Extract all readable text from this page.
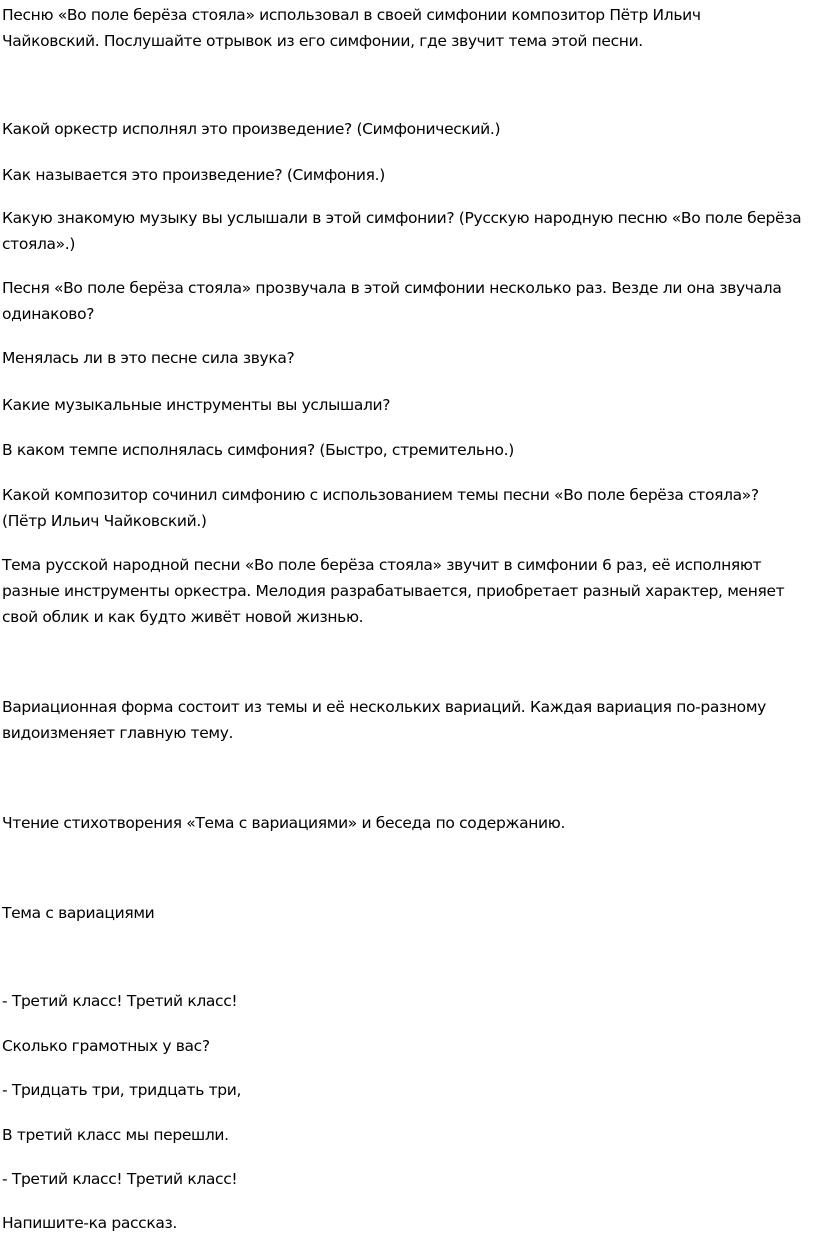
Песню «Во поле берёза стояла» использовал в своей симфонии композитор Пётр Ильич Чайковский. Послушайте отрывок из его симфонии, где звучит тема этой песни.

Какой оркестр исполнял это произведение? (Симфонический.)

Как называется это произведение? (Симфония.)

Какую знакомую музыку вы услышали в этой симфонии? (Русскую народную песню «Во поле берёза стояла».)

Песня «Во поле берёза стояла» прозвучала в этой симфонии несколько раз. Везде ли она звучала одинаково?

Менялась ли в это песне сила звука?

Какие музыкальные инструменты вы услышали?

В каком темпе исполнялась симфония? (Быстро, стремительно.)

Какой композитор сочинил симфонию с использованием темы песни «Во поле берёза стояла»? (Пётр Ильич Чайковский.)

Тема русской народной песни «Во поле берёза стояла» звучит в симфонии 6 раз, её исполняют разные инструменты оркестра. Мелодия разрабатывается, приобретает разный характер, меняет свой облик и как будто живёт новой жизнью.

Вариационная форма состоит из темы и её нескольких вариаций. Каждая вариация по-разному видоизменяет главную тему.

Чтение стихотворения «Тема с вариациями» и беседа по содержанию.

Тема с вариациями

- Третий класс! Третий класс!

Сколько грамотных у вас?

- Тридцать три, тридцать три,

В третий класс мы перешли.

- Третий класс! Третий класс!

Напишите-ка рассказ.
